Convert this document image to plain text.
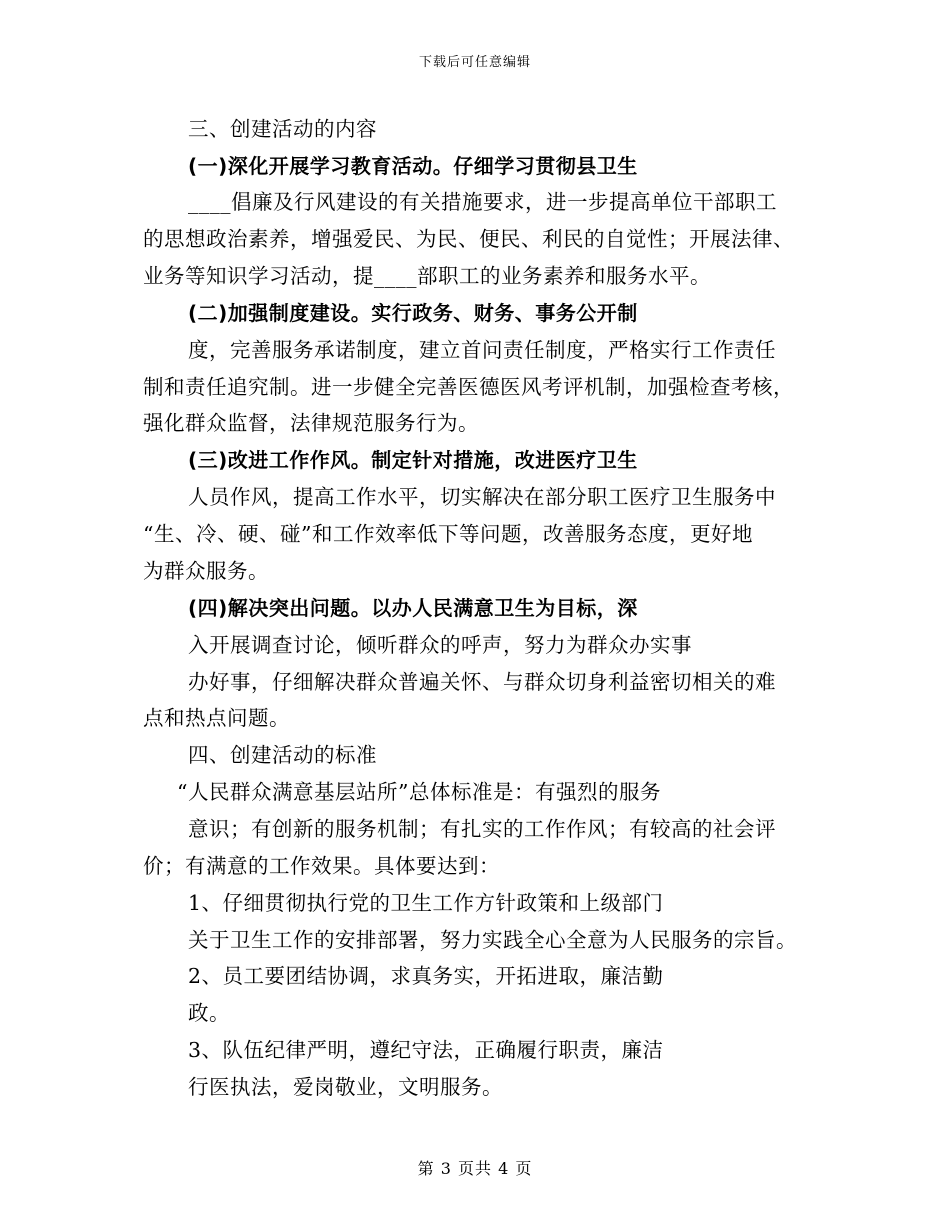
下载后可任意编辑
三、创建活动的内容
(一)深化开展学习教育活动。仔细学习贯彻县卫生
____倡廉及行风建设的有关措施要求，进一步提高单位干部职工
的思想政治素养，增强爱民、为民、便民、利民的自觉性；开展法律、
业务等知识学习活动，提____部职工的业务素养和服务水平。
(二)加强制度建设。实行政务、财务、事务公开制
度，完善服务承诺制度，建立首问责任制度，严格实行工作责任
制和责任追究制。进一步健全完善医德医风考评机制，加强检查考核，
强化群众监督，法律规范服务行为。
(三)改进工作作风。制定针对措施，改进医疗卫生
人员作风，提高工作水平，切实解决在部分职工医疗卫生服务中
“生、冷、硬、碰”和工作效率低下等问题，改善服务态度，更好地
为群众服务。
(四)解决突出问题。以办人民满意卫生为目标，深
入开展调查讨论，倾听群众的呼声，努力为群众办实事
办好事，仔细解决群众普遍关怀、与群众切身利益密切相关的难
点和热点问题。
四、创建活动的标准
“人民群众满意基层站所”总体标准是：有强烈的服务
意识；有创新的服务机制；有扎实的工作作风；有较高的社会评
价；有满意的工作效果。具体要达到：
1、仔细贯彻执行党的卫生工作方针政策和上级部门
关于卫生工作的安排部署，努力实践全心全意为人民服务的宗旨。
2、员工要团结协调，求真务实，开拓进取，廉洁勤
政。
3、队伍纪律严明，遵纪守法，正确履行职责，廉洁
行医执法，爱岗敬业，文明服务。
第 3 页共 4 页
